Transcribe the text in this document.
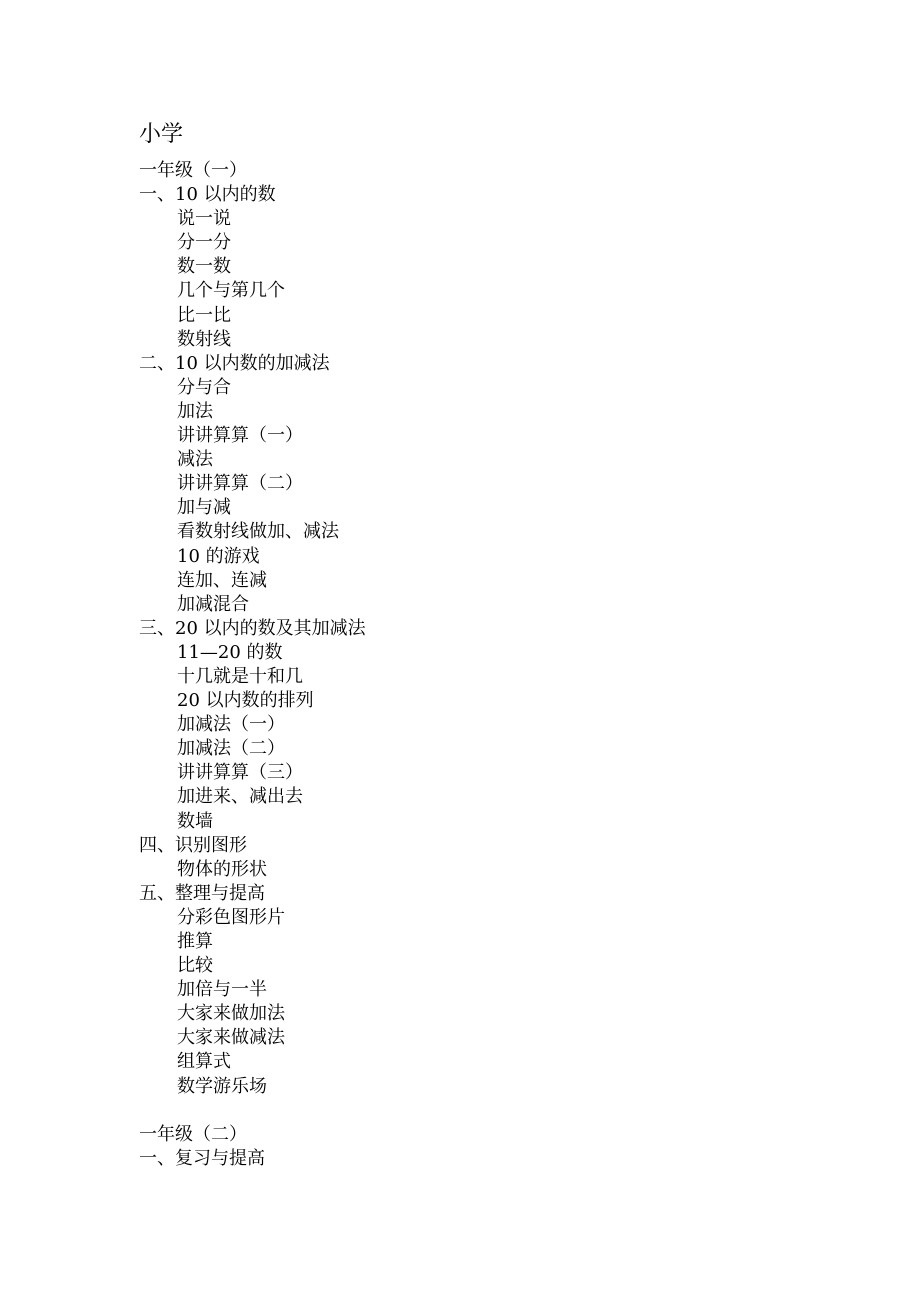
小学
一年级（一）
一、10 以内的数
说一说
分一分
数一数
几个与第几个
比一比
数射线
二、10 以内数的加减法
分与合
加法
讲讲算算（一）
减法
讲讲算算（二）
加与减
看数射线做加、减法
10 的游戏
连加、连减
加减混合
三、20 以内的数及其加减法
11—20 的数
十几就是十和几
20 以内数的排列
加减法（一）
加减法（二）
讲讲算算（三）
加进来、减出去
数墙
四、识别图形
物体的形状
五、整理与提高
分彩色图形片
推算
比较
加倍与一半
大家来做加法
大家来做减法
组算式
数学游乐场
一年级（二）
一、复习与提高
